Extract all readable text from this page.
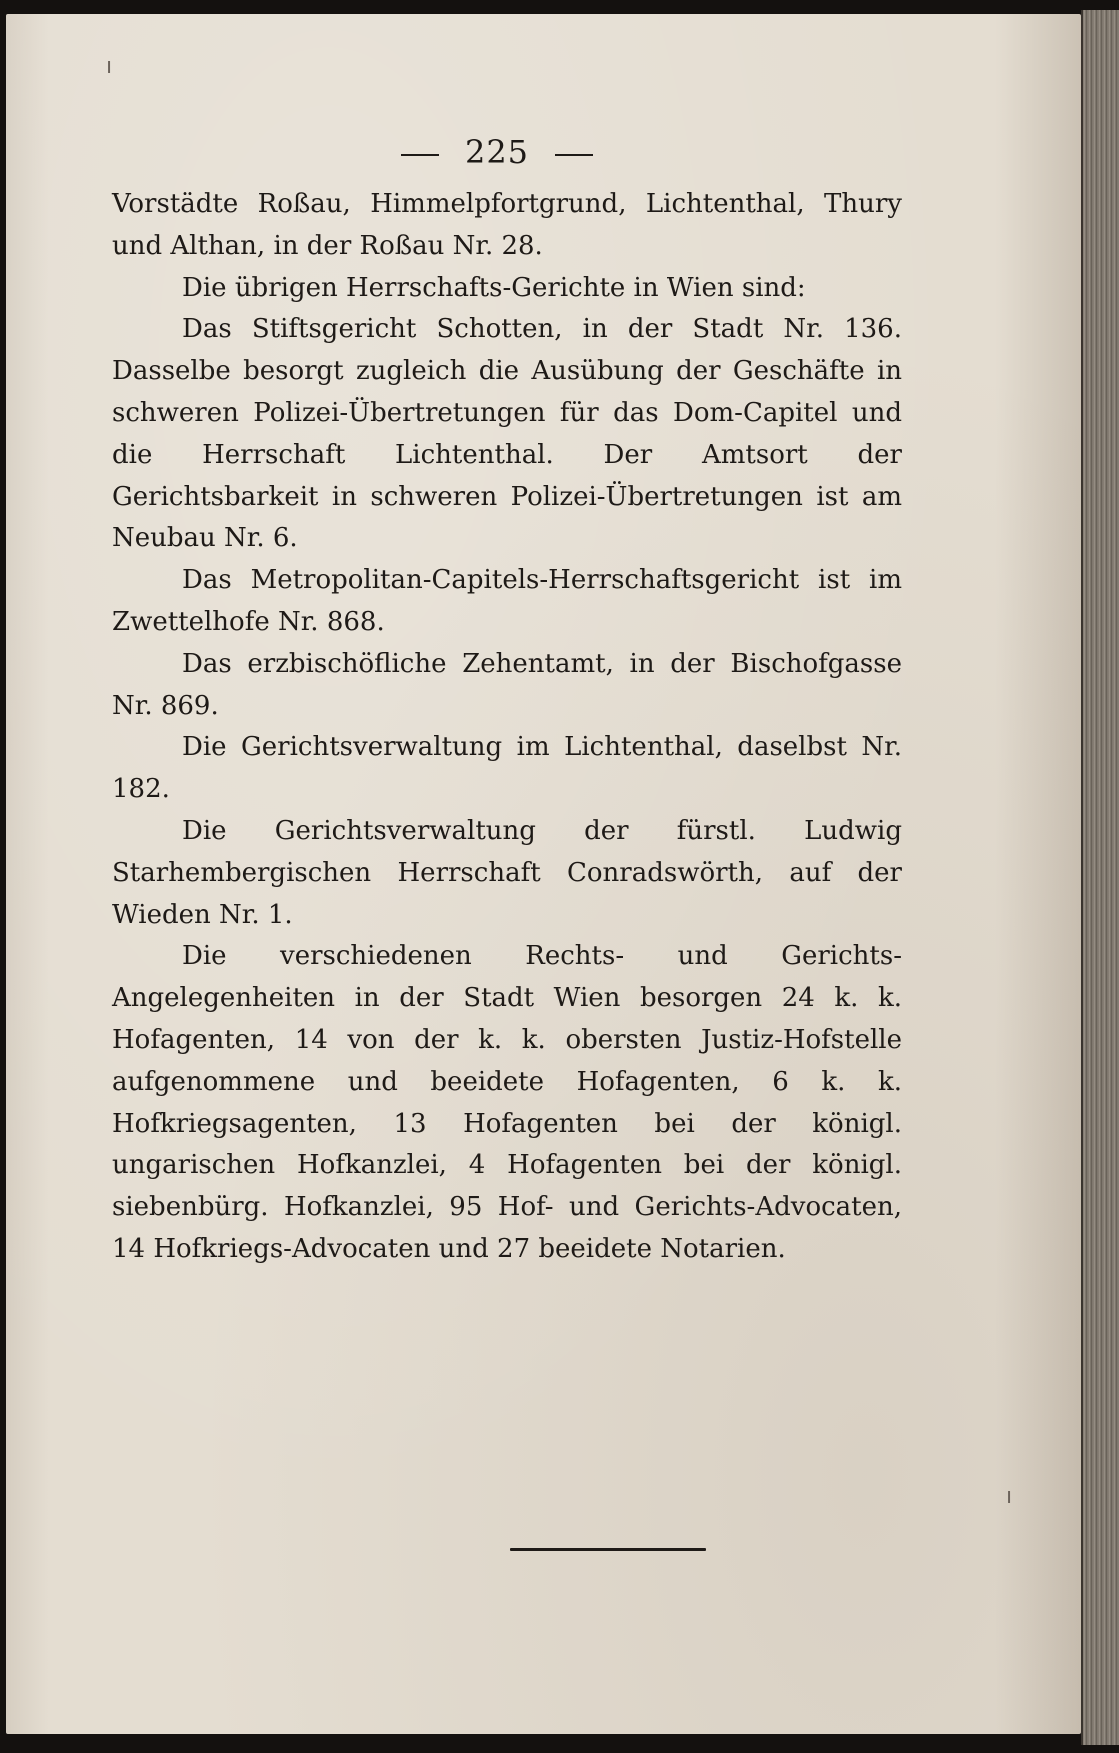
ı
ı
225

Vorstädte Roßau, Himmelpfortgrund, Lichtenthal, Thury und Althan, in der Roßau Nr. 28.

Die übrigen Herrschafts-Gerichte in Wien sind:

Das Stiftsgericht Schotten, in der Stadt Nr. 136. Dasselbe besorgt zugleich die Ausübung der Geschäfte in schweren Polizei-Übertretungen für das Dom-Capitel und die Herrschaft Lichtenthal. Der Amtsort der Gerichtsbarkeit in schweren Polizei-Übertretungen ist am Neubau Nr. 6.

Das Metropolitan-Capitels-Herrschaftsgericht ist im Zwettelhofe Nr. 868.

Das erzbischöfliche Zehentamt, in der Bischofgasse Nr. 869.

Die Gerichtsverwaltung im Lichtenthal, daselbst Nr. 182.

Die Gerichtsverwaltung der fürstl. Ludwig Starhembergischen Herrschaft Conradswörth, auf der Wieden Nr. 1.

Die verschiedenen Rechts- und Gerichts-Angelegenheiten in der Stadt Wien besorgen 24 k. k. Hofagenten, 14 von der k. k. obersten Justiz-Hofstelle aufgenommene und beeidete Hofagenten, 6 k. k. Hofkriegsagenten, 13 Hofagenten bei der königl. ungarischen Hofkanzlei, 4 Hofagenten bei der königl. siebenbürg. Hofkanzlei, 95 Hof- und Gerichts-Advocaten, 14 Hofkriegs-Advocaten und 27 beeidete Notarien.
